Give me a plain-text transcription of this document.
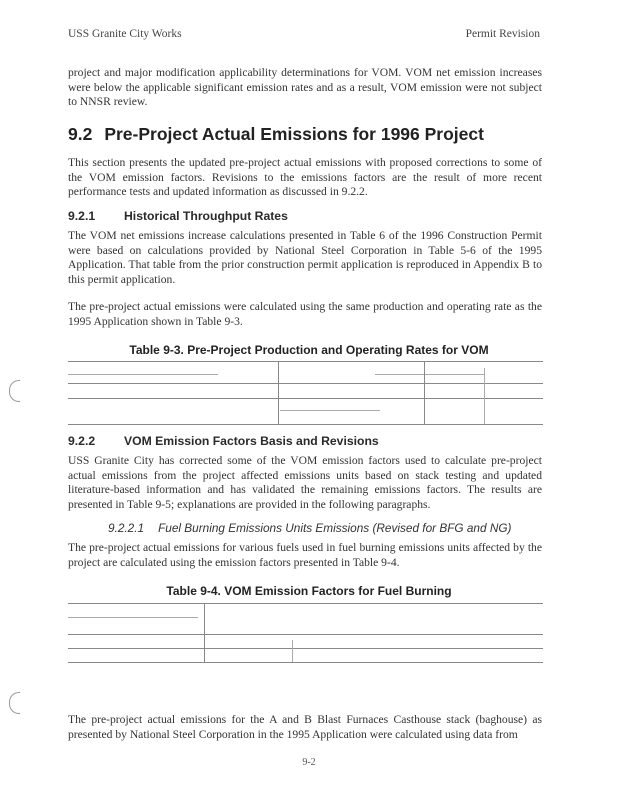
USS Granite City Works	Permit Revision
project and major modification applicability determinations for VOM. VOM net emission increases were below the applicable significant emission rates and as a result, VOM emission were not subject to NNSR review.
9.2 Pre-Project Actual Emissions for 1996 Project
This section presents the updated pre-project actual emissions with proposed corrections to some of the VOM emission factors. Revisions to the emissions factors are the result of more recent performance tests and updated information as discussed in 9.2.2.
9.2.1 Historical Throughput Rates
The VOM net emissions increase calculations presented in Table 6 of the 1996 Construction Permit were based on calculations provided by National Steel Corporation in Table 5-6 of the 1995 Application. That table from the prior construction permit application is reproduced in Appendix B to this permit application.
The pre-project actual emissions were calculated using the same production and operating rate as the 1995 Application shown in Table 9-3.
Table 9-3. Pre-Project Production and Operating Rates for VOM
9.2.2 VOM Emission Factors Basis and Revisions
USS Granite City has corrected some of the VOM emission factors used to calculate pre-project actual emissions from the project affected emissions units based on stack testing and updated literature-based information and has validated the remaining emissions factors. The results are presented in Table 9-5; explanations are provided in the following paragraphs.
9.2.2.1 Fuel Burning Emissions Units Emissions (Revised for BFG and NG)
The pre-project actual emissions for various fuels used in fuel burning emissions units affected by the project are calculated using the emission factors presented in Table 9-4.
Table 9-4. VOM Emission Factors for Fuel Burning
The pre-project actual emissions for the A and B Blast Furnaces Casthouse stack (baghouse) as presented by National Steel Corporation in the 1995 Application were calculated using data from
9-2
